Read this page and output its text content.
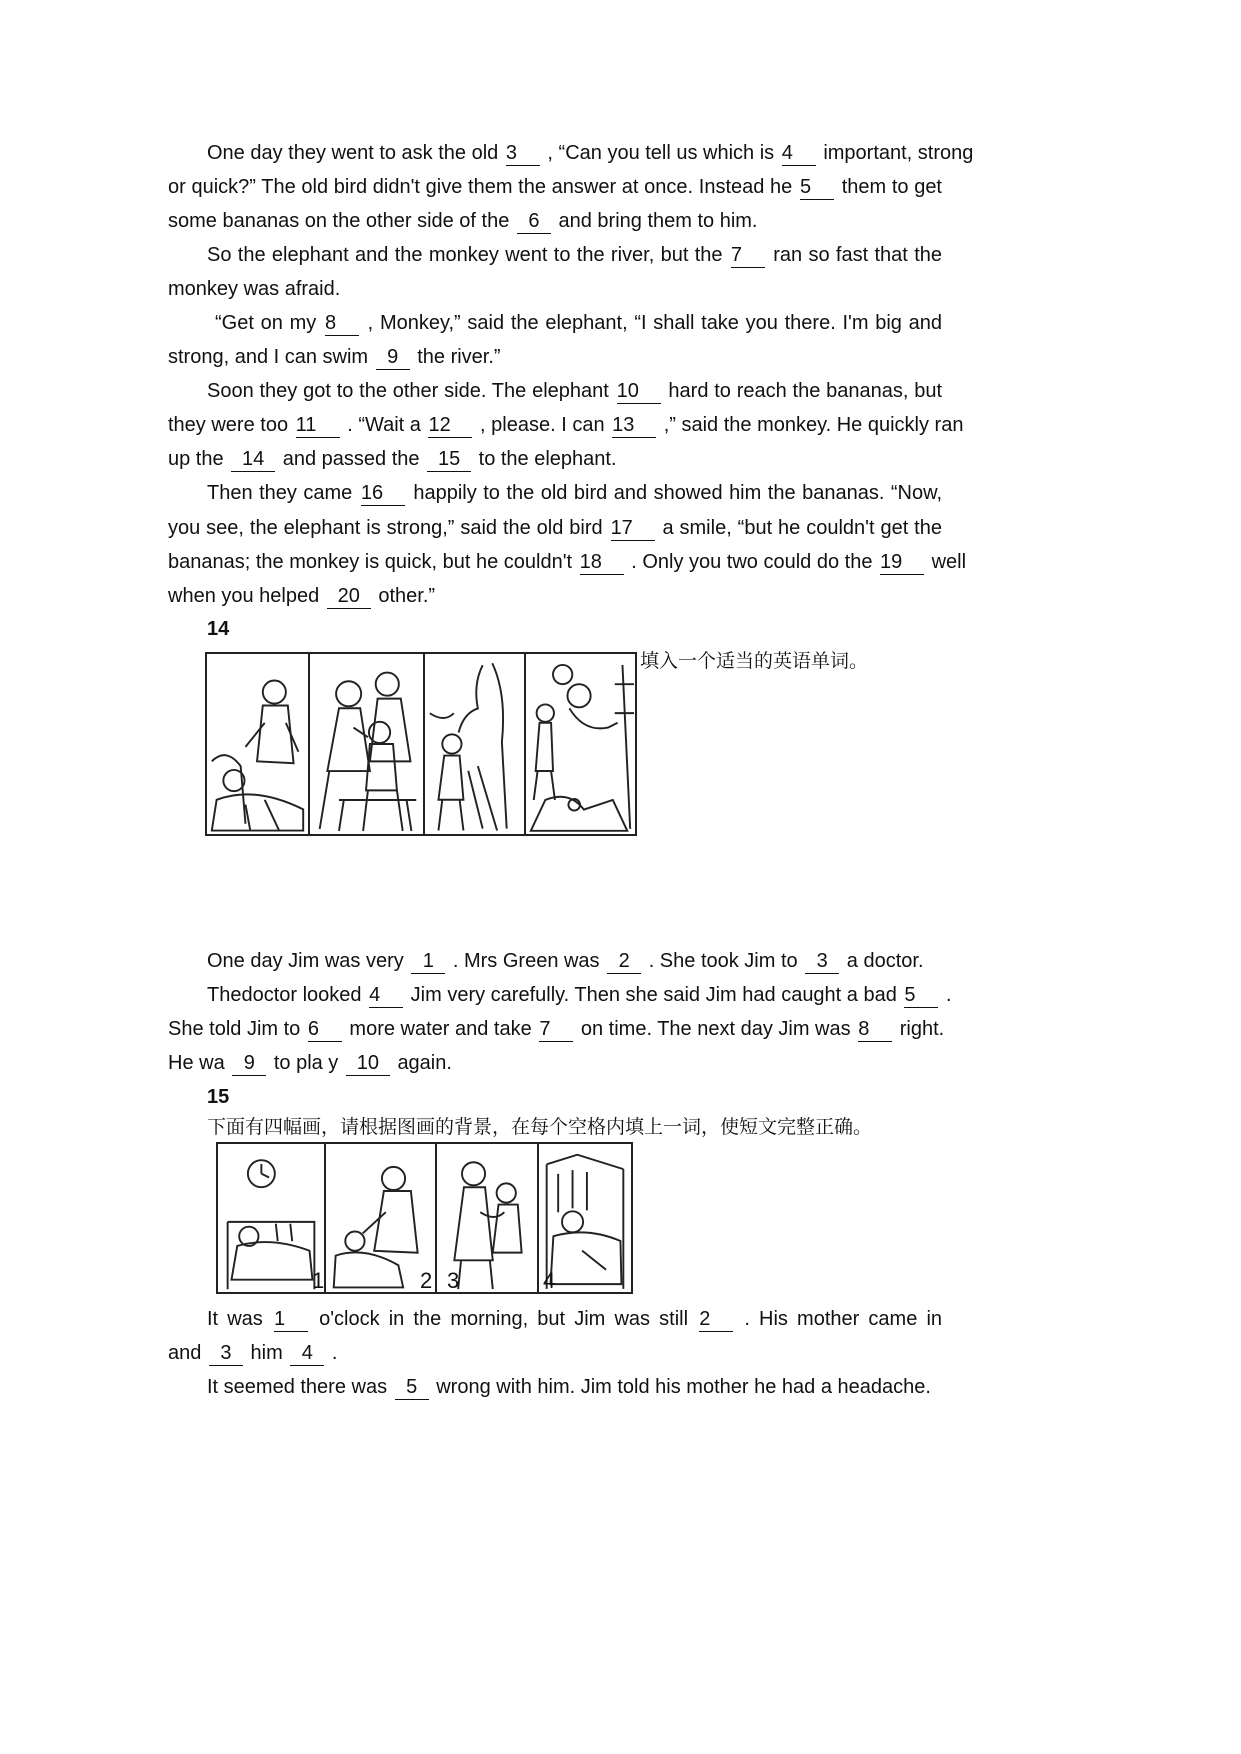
One day they went to ask the old 3 , “Can you tell us which is 4 important, strong
or quick?” The old bird didn't give them the answer at once. Instead he 5 them to get
some bananas on the other side of the 6 and bring them to him.
So the elephant and the monkey went to the river, but the 7 ran so fast that the
monkey was afraid.
“Get on my 8 , Monkey,” said the elephant, “I shall take you there. I'm big and
strong, and I can swim 9 the river.”
Soon they got to the other side. The elephant 10 hard to reach the bananas, but
they were too 11 . “Wait a 12 , please. I can 13 ,” said the monkey. He quickly ran
up the 14 and passed the 15 to the elephant.
Then they came 16 happily to the old bird and showed him the bananas. “Now,
you see, the elephant is strong,” said the old bird 17 a smile, “but he couldn't get the
bananas; the monkey is quick, but he couldn't 18 . Only you two could do the 19 well
when you helped 20 other.”
14
填入一个适当的英语单词。
One day Jim was very 1 . Mrs Green was 2 . She took Jim to 3 a doctor.
Thedoctor looked 4 Jim very carefully. Then she said Jim had caught a bad 5 .
She told Jim to 6 more water and take 7 on time. The next day Jim was 8 right.
He wa 9 to pla y 10 again.
15
下面有四幅画，请根据图画的背景，在每个空格内填上一词，使短文完整正确。
1	2 3	4
It was 1 o'clock in the morning, but Jim was still 2 . His mother came in
and 3 him 4 .
It seemed there was 5 wrong with him. Jim told his mother he had a headache.
